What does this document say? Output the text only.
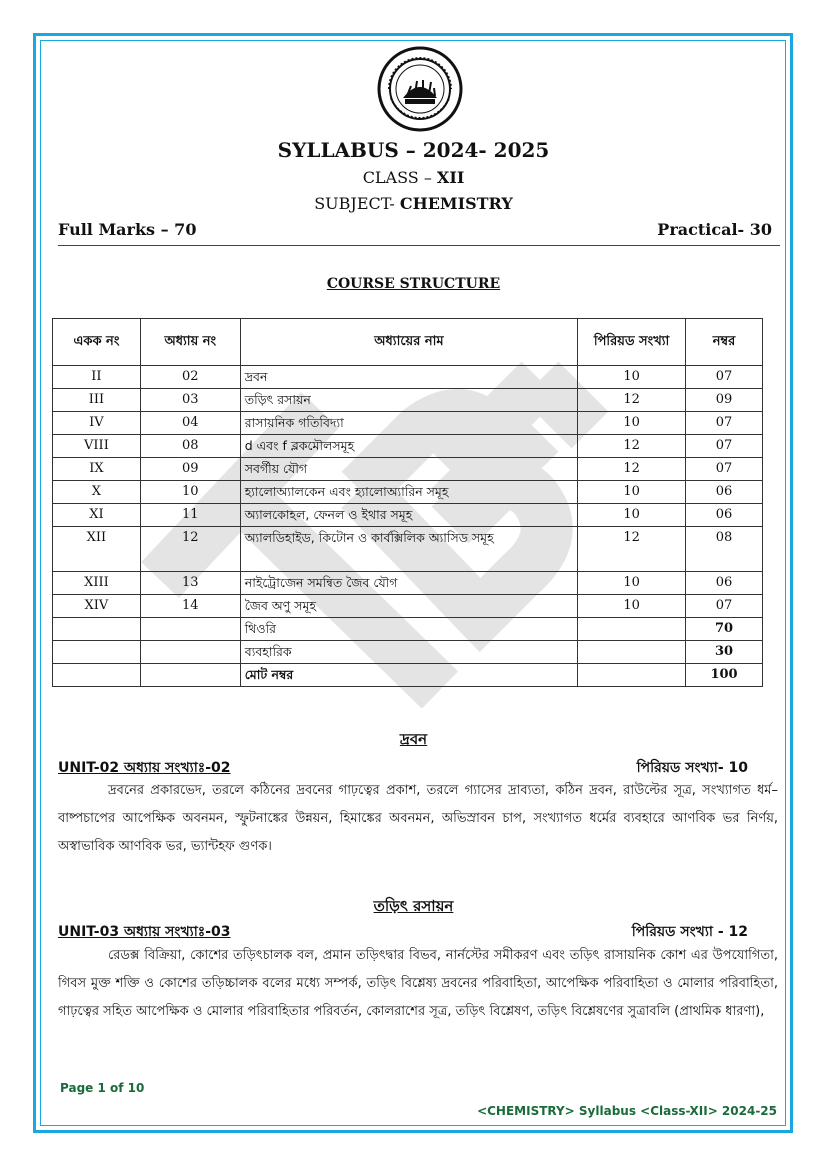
SYLLABUS – 2024- 2025
CLASS – XII
SUBJECT- CHEMISTRY
Full Marks – 70	Practical- 30
COURSE STRUCTURE
একক নং	অধ্যায় নং	অধ্যায়ের নাম	পিরিয়ড সংখ্যা	নম্বর
II	02	দ্রবন	10	07
III	03	তড়িৎ রসায়ন	12	09
IV	04	রাসায়নিক গতিবিদ্যা	10	07
VIII	08	d এবং f ব্লকমৌলসমূহ	12	07
IX	09	সবর্গীয় যৌগ	12	07
X	10	হ্যালোঅ্যালকেন এবং হ্যালোঅ্যারিন সমূহ	10	06
XI	11	অ্যালকোহল, ফেনল ও ইথার সমূহ	10	06
XII	12	অ্যালডিহাইড, কিটোন ও কার্বক্সিলিক অ্যাসিড সমূহ	12	08
XIII	13	নাইট্রোজেন সমন্বিত জৈব যৌগ	10	06
XIV	14	জৈব অণু সমূহ	10	07
		থিওরি		70
		ব্যবহারিক		30
		মোট নম্বর		100
দ্রবন
UNIT-02 অধ্যায় সংখ্যাঃ-02	পিরিয়ড সংখ্যা- 10
দ্রবনের প্রকারভেদ, তরলে কঠিনের দ্রবনের গাঢ়ত্বের প্রকাশ, তরলে গ্যাসের দ্রাব্যতা, কঠিন দ্রবন, রাউল্টের সূত্র, সংখ্যাগত ধর্ম– বাষ্পচাপের আপেক্ষিক অবনমন, স্ফুটনাঙ্কের উন্নয়ন, হিমাঙ্কের অবনমন, অভিস্রাবন চাপ, সংখ্যাগত ধর্মের ব্যবহারে আণবিক ভর নির্ণয়, অস্বাভাবিক আণবিক ভর, ভ্যান্টহফ গুণক।
তড়িৎ রসায়ন
UNIT-03 অধ্যায় সংখ্যাঃ-03	পিরিয়ড সংখ্যা - 12
রেডক্স বিক্রিয়া, কোশের তড়িৎচালক বল, প্রমান তড়িৎদ্বার বিভব, নার্নস্টের সমীকরণ এবং তড়িৎ রাসায়নিক কোশ এর উপযোগিতা, গিবস মুক্ত শক্তি ও কোশের তড়িচ্চালক বলের মধ্যে সম্পর্ক, তড়িৎ বিশ্লেষ্য দ্রবনের পরিবাহিতা, আপেক্ষিক পরিবাহিতা ও মোলার পরিবাহিতা, গাঢ়ত্বের সহিত আপেক্ষিক ও মোলার পরিবাহিতার পরিবর্তন, কোলরাশের সূত্র, তড়িৎ বিশ্লেষণ, তড়িৎ বিশ্লেষণের সুত্রাবলি (প্রাথমিক ধারণা),
Page 1 of 10
<CHEMISTRY> Syllabus <Class-XII> 2024-25
